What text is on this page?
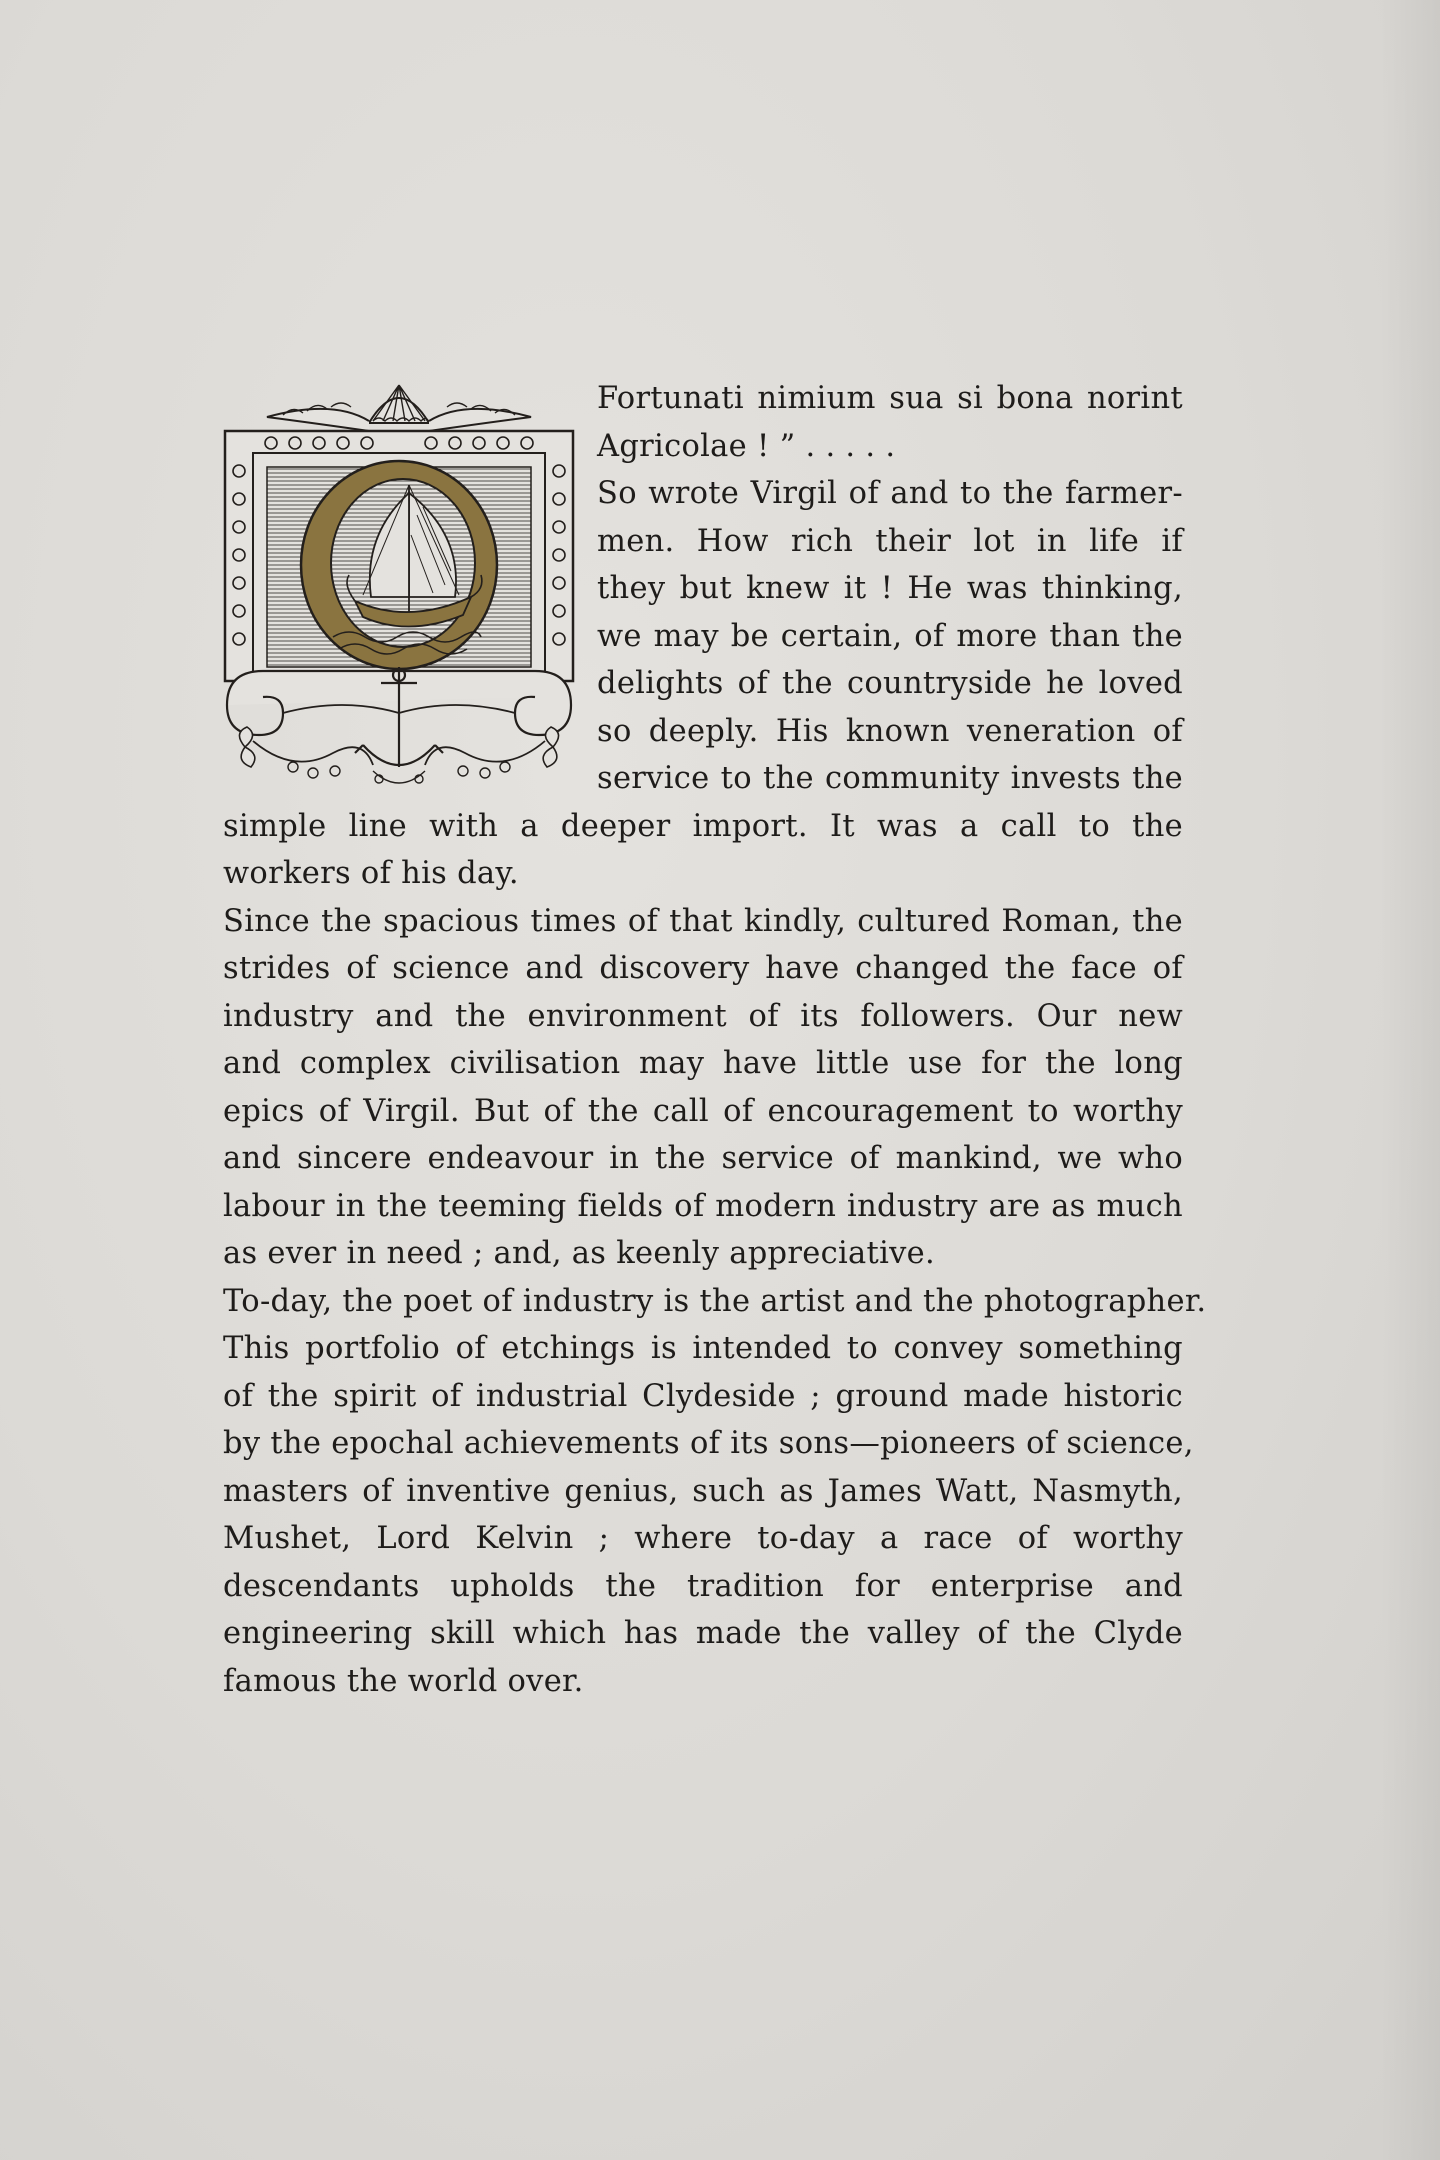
Fortunati nimium sua si bona norint
Agricolae ! ” . . . . .
So wrote Virgil of and to the farmer-
men. How rich their lot in life if
they but knew it ! He was thinking,
we may be certain, of more than the
delights of the countryside he loved
so deeply. His known veneration of
service to the community invests the
simple line with a deeper import. It was a call to the
workers of his day.
Since the spacious times of that kindly, cultured Roman, the
strides of science and discovery have changed the face of
industry and the environment of its followers. Our new
and complex civilisation may have little use for the long
epics of Virgil. But of the call of encouragement to worthy
and sincere endeavour in the service of mankind, we who
labour in the teeming fields of modern industry are as much
as ever in need ; and, as keenly appreciative.
To-day, the poet of industry is the artist and the photographer.
This portfolio of etchings is intended to convey something
of the spirit of industrial Clydeside ; ground made historic
by the epochal achievements of its sons—pioneers of science,
masters of inventive genius, such as James Watt, Nasmyth,
Mushet, Lord Kelvin ; where to-day a race of worthy
descendants upholds the tradition for enterprise and
engineering skill which has made the valley of the Clyde
famous the world over.
